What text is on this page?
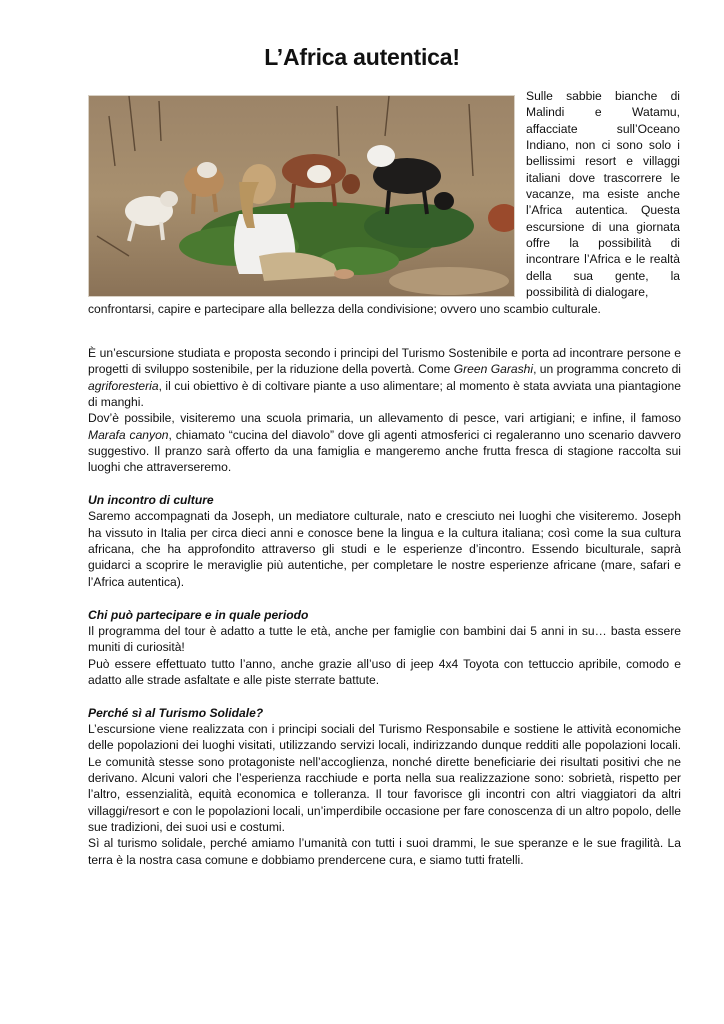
L’Africa autentica!

Sulle sabbie bianche di Malindi e Watamu, affacciate sull’Oceano Indiano, non ci sono solo i bellissimi resort e villaggi italiani dove trascorrere le vacanze, ma esiste anche l’Africa autentica. Questa escursione di una giornata offre la possibilità di incontrare l’Africa e le realtà della sua gente, la possibilità di dialogare,

confrontarsi, capire e partecipare alla bellezza della condivisione; ovvero uno scambio culturale.

È un’escursione studiata e proposta secondo i principi del Turismo Sostenibile e porta ad incontrare persone e progetti di sviluppo sostenibile, per la riduzione della povertà. Come Green Garashi, un programma concreto di agriforesteria, il cui obiettivo è di coltivare piante a uso alimentare; al momento è stata avviata una piantagione di manghi.

Dov’è possibile, visiteremo una scuola primaria, un allevamento di pesce, vari artigiani; e infine, il famoso Marafa canyon, chiamato “cucina del diavolo” dove gli agenti atmosferici ci regaleranno uno scenario davvero suggestivo. Il pranzo sarà offerto da una famiglia e mangeremo anche frutta fresca di stagione raccolta sui luoghi che attraverseremo.

Un incontro di culture

Saremo accompagnati da Joseph, un mediatore culturale, nato e cresciuto nei luoghi che visiteremo. Joseph ha vissuto in Italia per circa dieci anni e conosce bene la lingua e la cultura italiana; così come la sua cultura africana, che ha approfondito attraverso gli studi e le esperienze d’incontro. Essendo biculturale, saprà guidarci a scoprire le meraviglie più autentiche, per completare le nostre esperienze africane (mare, safari e l’Africa autentica).

Chi può partecipare e in quale periodo

Il programma del tour è adatto a tutte le età, anche per famiglie con bambini dai 5 anni in su… basta essere muniti di curiosità!

Può essere effettuato tutto l’anno, anche grazie all’uso di jeep 4x4 Toyota con tettuccio apribile, comodo e adatto alle strade asfaltate e alle piste sterrate battute.

Perché sì al Turismo Solidale?

L’escursione viene realizzata con i principi sociali del Turismo Responsabile e sostiene le attività economiche delle popolazioni dei luoghi visitati, utilizzando servizi locali, indirizzando dunque redditi alle popolazioni locali. Le comunità stesse sono protagoniste nell’accoglienza, nonché dirette beneficiarie dei risultati positivi che ne derivano. Alcuni valori che l’esperienza racchiude e porta nella sua realizzazione sono: sobrietà, rispetto per l’altro, essenzialità, equità economica e tolleranza. Il tour favorisce gli incontri con altri viaggiatori da altri villaggi/resort e con le popolazioni locali, un’imperdibile occasione per fare conoscenza di un altro popolo, delle sue tradizioni, dei suoi usi e costumi.

Sì al turismo solidale, perché amiamo l’umanità con tutti i suoi drammi, le sue speranze e le sue fragilità. La terra è la nostra casa comune e dobbiamo prendercene cura, e siamo tutti fratelli.
